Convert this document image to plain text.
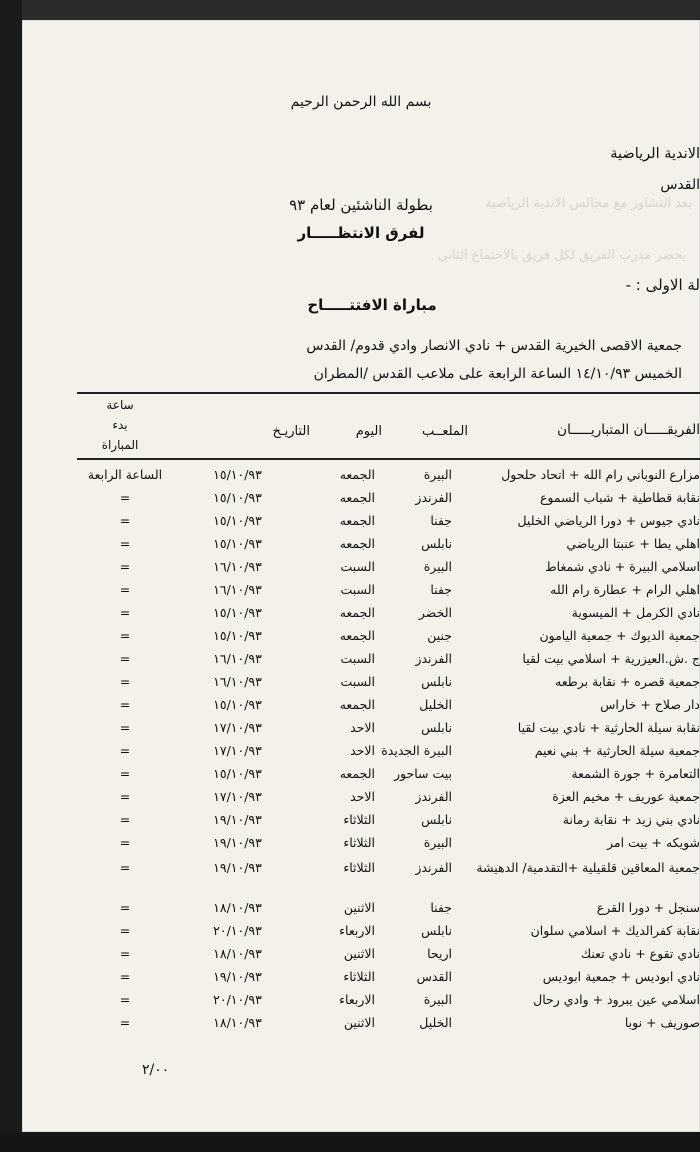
بسم الله الرحمن الرحيم
الاندية الرياضية
القدس
بعد التشاور مع مجالس الاندية الرياضية
بطولة الناشئين لعام ٩٣
لفرق الانتظـــــار
يحضر مدرب الفريق لكل فريق بالاجتماع الثاني
لة الاولى : -
مباراة الافتتـــــاح
جمعية الاقصى الخيرية القدس + نادي الانصار وادي قدوم/ القدس
الخميس ١٤/١٠/٩٣ الساعة الرابعة على ملاعب القدس /المطران
الفريقـــــان المتباريـــــان
الملعــب
اليوم
التاريـخ
ساعة
بدء
المباراة
مزارع النوباني رام الله + اتحاد حلحول
البيرة
الجمعه
١٥/١٠/٩٣
الساعة الرابعة
نقابة قطاطية + شباب السموع
الفرندز
الجمعه
١٥/١٠/٩٣
=
نادي جيوس + دورا الرياضي الخليل
جفنا
الجمعه
١٥/١٠/٩٣
=
اهلي يطا + عنبتا الرياضي
نابلس
الجمعه
١٥/١٠/٩٣
=
اسلامي البيرة + نادي شمغاط
البيرة
السبت
١٦/١٠/٩٣
=
اهلي الرام + عطارة رام الله
جفنا
السبت
١٦/١٠/٩٣
=
نادي الكرمل + الميسوية
الخضر
الجمعه
١٥/١٠/٩٣
=
جمعية الديوك + جمعية اليامون
جنين
الجمعه
١٥/١٠/٩٣
=
ج .ش.العيزرية + اسلامي بيت لقيا
الفرندز
السبت
١٦/١٠/٩٣
=
جمعية قصره + نقابة برطعه
نابلس
السبت
١٦/١٠/٩٣
=
دار صلاح + خاراس
الخليل
الجمعه
١٥/١٠/٩٣
=
نقابة سيلة الحارثية + نادي بيت لقيا
نابلس
الاحد
١٧/١٠/٩٣
=
جمعية سيلة الحارثية + بني نعيم
البيرة الجديدة
الاحد
١٧/١٠/٩٣
=
التعامرة + جورة الشمعة
بيت ساحور
الجمعه
١٥/١٠/٩٣
=
جمعية عوريف + مخيم العزة
الفرندز
الاحد
١٧/١٠/٩٣
=
نادي بني زيد + نقابة رمانة
نابلس
الثلاثاء
١٩/١٠/٩٣
=
شويكه + بيت امر
البيرة
الثلاثاء
١٩/١٠/٩٣
=
جمعية المعاقين قلقيلية +التقدمية/ الدهيشة
الفرندز
الثلاثاء
١٩/١٠/٩٣
=
سنجل + دورا القرع
جفنا
الاثنين
١٨/١٠/٩٣
=
نقابة كفرالديك + اسلامي سلوان
نابلس
الاربعاء
٢٠/١٠/٩٣
=
نادي تقوع + نادي تعنك
اريحا
الاثنين
١٨/١٠/٩٣
=
نادي ابوديس + جمعية ابوديس
القدس
الثلاثاء
١٩/١٠/٩٣
=
اسلامي عين يبرود + وادي رحال
البيرة
الاربعاء
٢٠/١٠/٩٣
=
صوريف + نوبا
الخليل
الاثنين
١٨/١٠/٩٣
=
٢/٠٠
